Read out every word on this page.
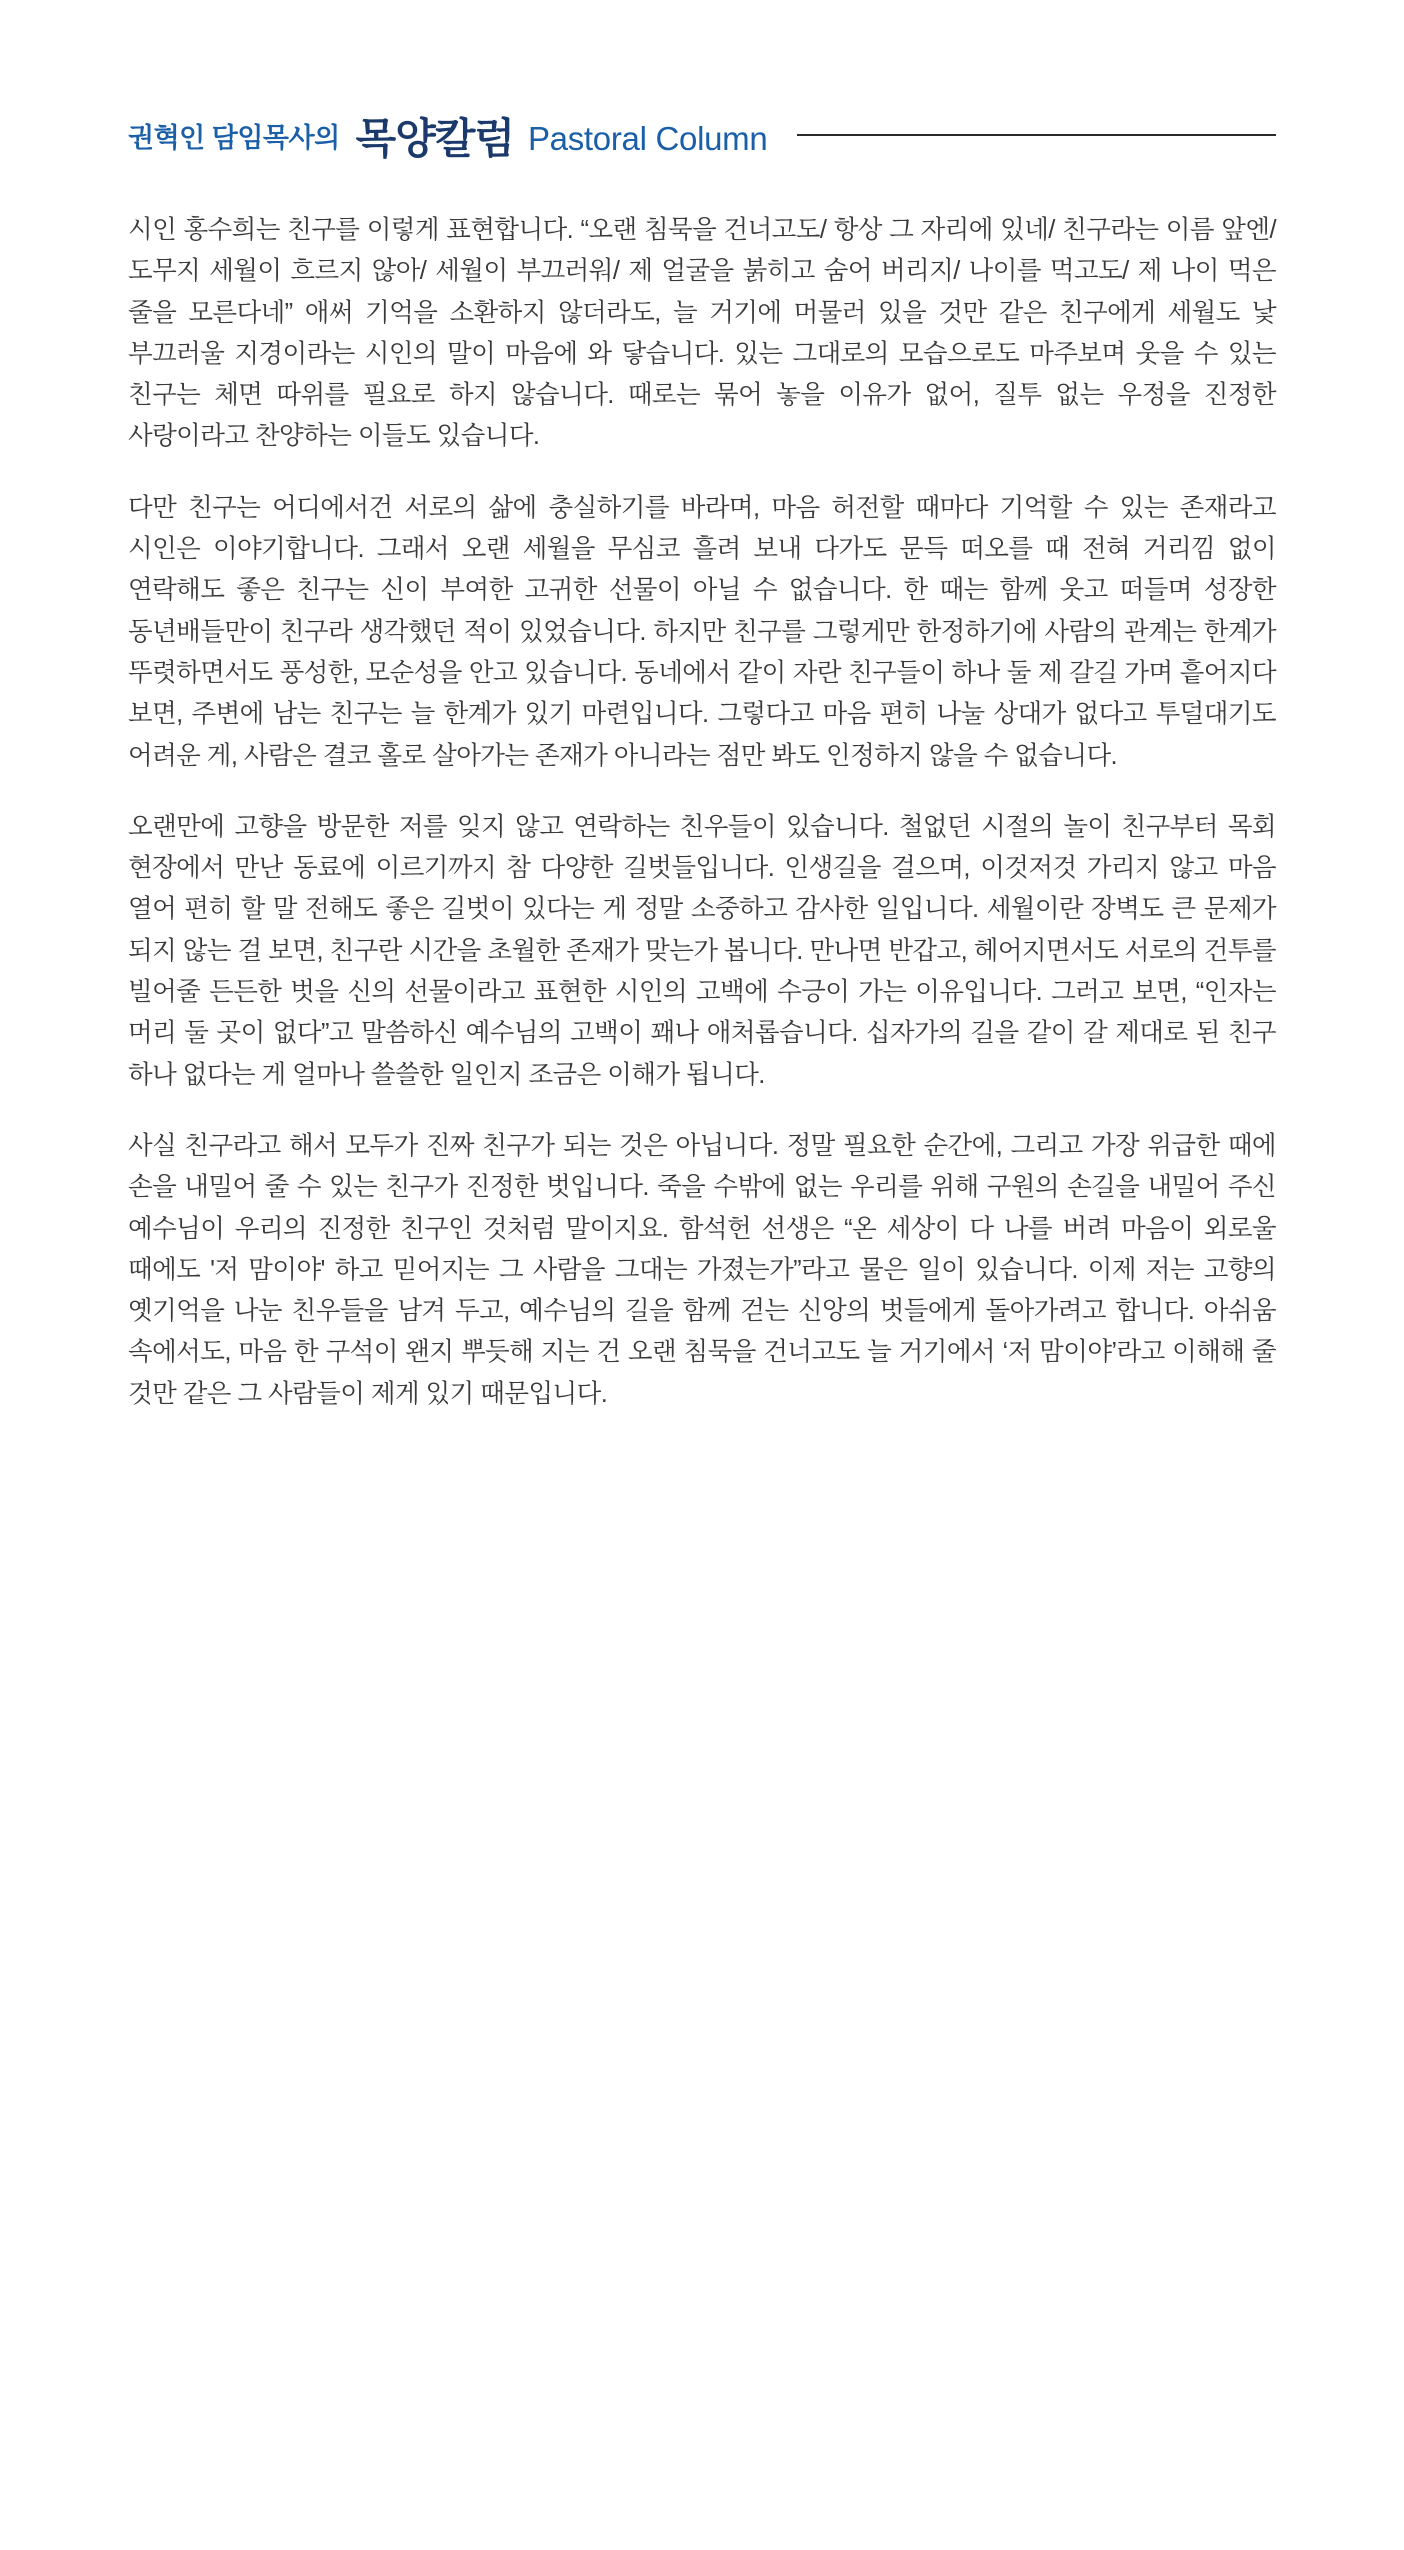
권혁인 담임목사의 목양칼럼 Pastoral Column

시인 홍수희는 친구를 이렇게 표현합니다. “오랜 침묵을 건너고도/ 항상 그 자리에 있네/ 친구라는 이름 앞엔/ 도무지 세월이 흐르지 않아/ 세월이 부끄러워/ 제 얼굴을 붉히고 숨어 버리지/ 나이를 먹고도/ 제 나이 먹은 줄을 모른다네” 애써 기억을 소환하지 않더라도, 늘 거기에 머물러 있을 것만 같은 친구에게 세월도 낯 부끄러울 지경이라는 시인의 말이 마음에 와 닿습니다. 있는 그대로의 모습으로도 마주보며 웃을 수 있는 친구는 체면 따위를 필요로 하지 않습니다. 때로는 묶어 놓을 이유가 없어, 질투 없는 우정을 진정한 사랑이라고 찬양하는 이들도 있습니다.

다만 친구는 어디에서건 서로의 삶에 충실하기를 바라며, 마음 허전할 때마다 기억할 수 있는 존재라고 시인은 이야기합니다. 그래서 오랜 세월을 무심코 흘려 보내 다가도 문득 떠오를 때 전혀 거리낌 없이 연락해도 좋은 친구는 신이 부여한 고귀한 선물이 아닐 수 없습니다. 한 때는 함께 웃고 떠들며 성장한 동년배들만이 친구라 생각했던 적이 있었습니다. 하지만 친구를 그렇게만 한정하기에 사람의 관계는 한계가 뚜렷하면서도 풍성한, 모순성을 안고 있습니다. 동네에서 같이 자란 친구들이 하나 둘 제 갈길 가며 흩어지다 보면, 주변에 남는 친구는 늘 한계가 있기 마련입니다. 그렇다고 마음 편히 나눌 상대가 없다고 투덜대기도 어려운 게, 사람은 결코 홀로 살아가는 존재가 아니라는 점만 봐도 인정하지 않을 수 없습니다.

오랜만에 고향을 방문한 저를 잊지 않고 연락하는 친우들이 있습니다. 철없던 시절의 놀이 친구부터 목회 현장에서 만난 동료에 이르기까지 참 다양한 길벗들입니다. 인생길을 걸으며, 이것저것 가리지 않고 마음 열어 편히 할 말 전해도 좋은 길벗이 있다는 게 정말 소중하고 감사한 일입니다. 세월이란 장벽도 큰 문제가 되지 않는 걸 보면, 친구란 시간을 초월한 존재가 맞는가 봅니다. 만나면 반갑고, 헤어지면서도 서로의 건투를 빌어줄 든든한 벗을 신의 선물이라고 표현한 시인의 고백에 수긍이 가는 이유입니다. 그러고 보면, “인자는 머리 둘 곳이 없다”고 말씀하신 예수님의 고백이 꽤나 애처롭습니다. 십자가의 길을 같이 갈 제대로 된 친구 하나 없다는 게 얼마나 쓸쓸한 일인지 조금은 이해가 됩니다.

사실 친구라고 해서 모두가 진짜 친구가 되는 것은 아닙니다. 정말 필요한 순간에, 그리고 가장 위급한 때에 손을 내밀어 줄 수 있는 친구가 진정한 벗입니다. 죽을 수밖에 없는 우리를 위해 구원의 손길을 내밀어 주신 예수님이 우리의 진정한 친구인 것처럼 말이지요. 함석헌 선생은 “온 세상이 다 나를 버려 마음이 외로울 때에도 '저 맘이야' 하고 믿어지는 그 사람을 그대는 가졌는가”라고 물은 일이 있습니다. 이제 저는 고향의 옛기억을 나눈 친우들을 남겨 두고, 예수님의 길을 함께 걷는 신앙의 벗들에게 돌아가려고 합니다. 아쉬움 속에서도, 마음 한 구석이 왠지 뿌듯해 지는 건 오랜 침묵을 건너고도 늘 거기에서 ‘저 맘이야’라고 이해해 줄 것만 같은 그 사람들이 제게 있기 때문입니다.
